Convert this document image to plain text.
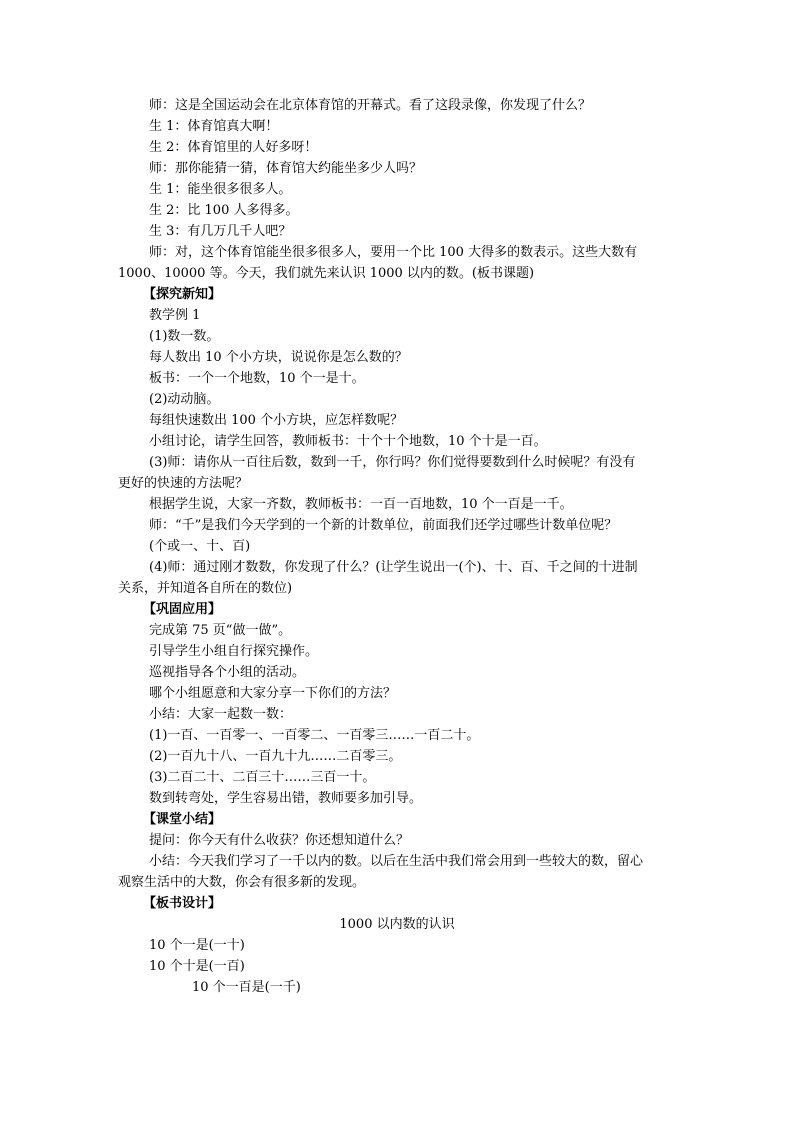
师：这是全国运动会在北京体育馆的开幕式。看了这段录像，你发现了什么？
生 1：体育馆真大啊！
生 2：体育馆里的人好多呀！
师：那你能猜一猜，体育馆大约能坐多少人吗？
生 1：能坐很多很多人。
生 2：比 100 人多得多。
生 3：有几万几千人吧？
师：对，这个体育馆能坐很多很多人，要用一个比 100 大得多的数表示。这些大数有
1000、10000 等。今天，我们就先来认识 1000 以内的数。(板书课题)
【探究新知】
教学例 1
(1)数一数。
每人数出 10 个小方块，说说你是怎么数的？
板书：一个一个地数，10 个一是十。
(2)动动脑。
每组快速数出 100 个小方块，应怎样数呢？
小组讨论，请学生回答，教师板书：十个十个地数，10 个十是一百。
(3)师：请你从一百往后数，数到一千，你行吗？你们觉得要数到什么时候呢？有没有
更好的快速的方法呢？
根据学生说，大家一齐数，教师板书：一百一百地数，10 个一百是一千。
师：“千”是我们今天学到的一个新的计数单位，前面我们还学过哪些计数单位呢？
(个或一、十、百)
(4)师：通过刚才数数，你发现了什么？(让学生说出一(个)、十、百、千之间的十进制
关系，并知道各自所在的数位)
【巩固应用】
完成第 75 页“做一做”。
引导学生小组自行探究操作。
巡视指导各个小组的活动。
哪个小组愿意和大家分享一下你们的方法？
小结：大家一起数一数：
(1)一百、一百零一、一百零二、一百零三……一百二十。
(2)一百九十八、一百九十九……二百零三。
(3)二百二十、二百三十……三百一十。
数到转弯处，学生容易出错，教师要多加引导。
【课堂小结】
提问：你今天有什么收获？你还想知道什么？
小结：今天我们学习了一千以内的数。以后在生活中我们常会用到一些较大的数，留心
观察生活中的大数，你会有很多新的发现。
【板书设计】
1000 以内数的认识
10 个一是(一十)
10 个十是(一百)
10 个一百是(一千)
